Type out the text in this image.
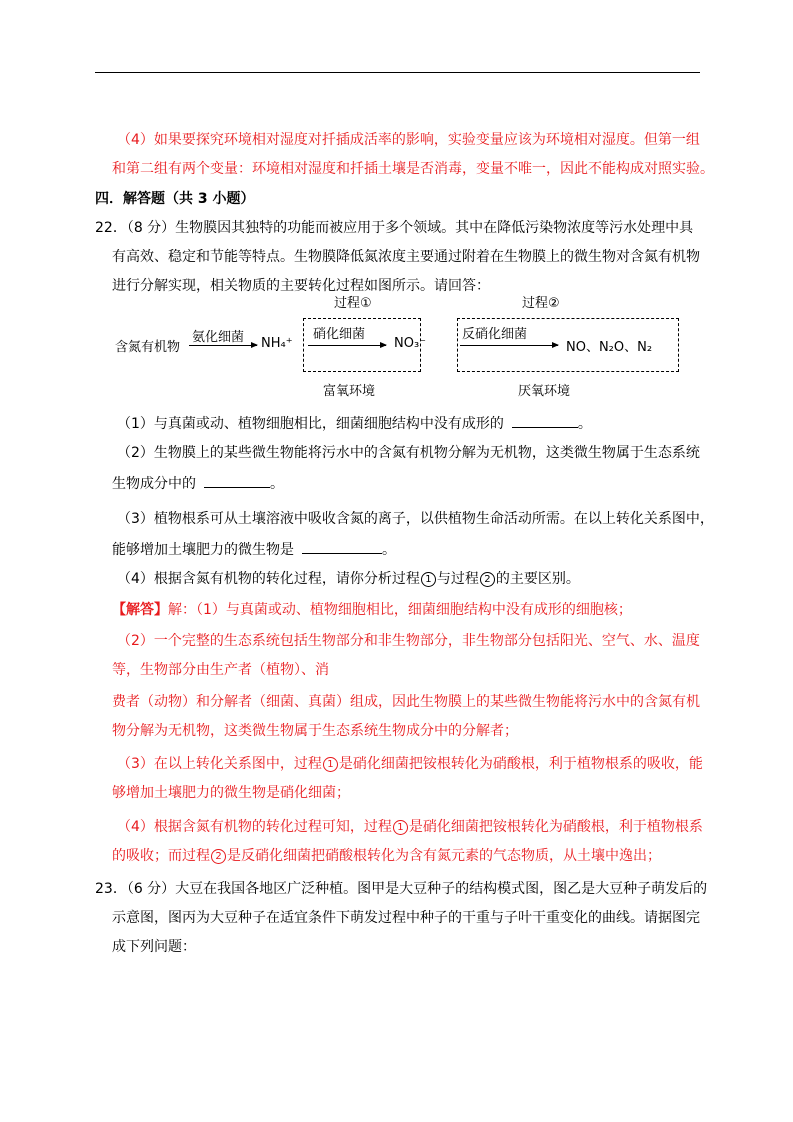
（4）如果要探究环境相对湿度对扦插成活率的影响，实验变量应该为环境相对湿度。但第一组
和第二组有两个变量：环境相对湿度和扦插土壤是否消毒，变量不唯一，因此不能构成对照实验。
四．解答题（共 3 小题）
22．（8 分）生物膜因其独特的功能而被应用于多个领域。其中在降低污染物浓度等污水处理中具
有高效、稳定和节能等特点。生物膜降低氮浓度主要通过附着在生物膜上的微生物对含氮有机物
进行分解实现，相关物质的主要转化过程如图所示。请回答：
过程①	过程②
含氮有机物
氨化细菌 NH₄⁺
硝化细菌
NO₃⁻
反硝化细菌
NO、N₂O、N₂
富氧环境	厌氧环境
（1）与真菌或动、植物细胞相比，细菌细胞结构中没有成形的	。
（2）生物膜上的某些微生物能将污水中的含氮有机物分解为无机物，这类微生物属于生态系统
生物成分中的	。
（3）植物根系可从土壤溶液中吸收含氮的离子，以供植物生命活动所需。在以上转化关系图中，
能够增加土壤肥力的微生物是	。
（4）根据含氮有机物的转化过程，请你分析过程 1 与过程 2 的主要区别。
【解答】解：（1）与真菌或动、植物细胞相比，细菌细胞结构中没有成形的细胞核；
（2）一个完整的生态系统包括生物部分和非生物部分，非生物部分包括阳光、空气、水、温度
等，生物部分由生产者（植物）、消
费者（动物）和分解者（细菌、真菌）组成，因此生物膜上的某些微生物能将污水中的含氮有机
物分解为无机物，这类微生物属于生态系统生物成分中的分解者；
（3）在以上转化关系图中，过程 1 是硝化细菌把铵根转化为硝酸根，利于植物根系的吸收，能
够增加土壤肥力的微生物是硝化细菌；
（4）根据含氮有机物的转化过程可知，过程 1 是硝化细菌把铵根转化为硝酸根，利于植物根系
的吸收；而过程 2 是反硝化细菌把硝酸根转化为含有氮元素的气态物质，从土壤中逸出；
23．（6 分）大豆在我国各地区广泛种植。图甲是大豆种子的结构模式图，图乙是大豆种子萌发后的
示意图，图丙为大豆种子在适宜条件下萌发过程中种子的干重与子叶干重变化的曲线。请据图完
成下列问题：
